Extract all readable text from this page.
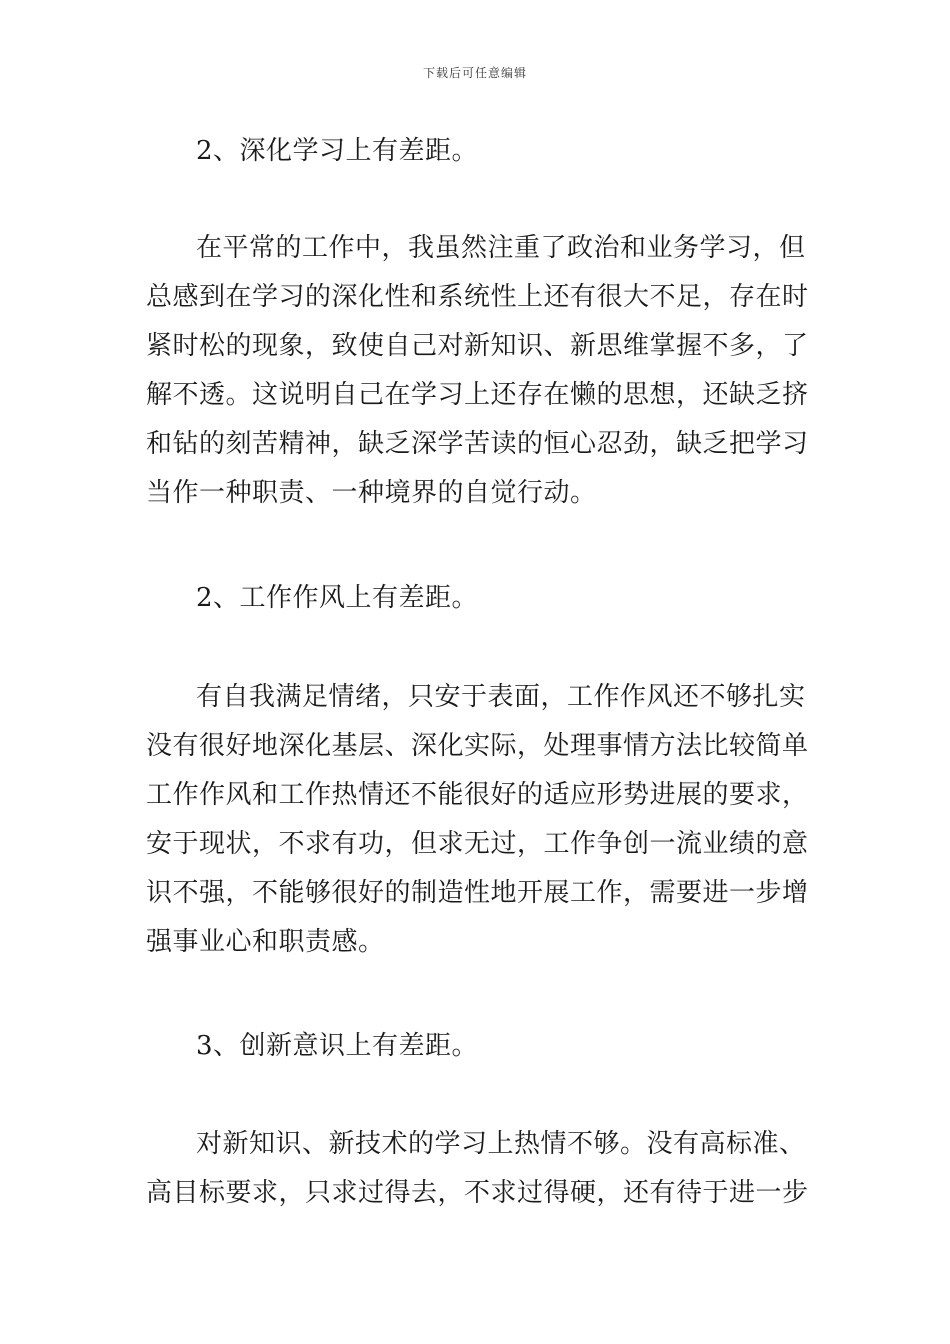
下载后可任意编辑
2、深化学习上有差距。
在平常的工作中，我虽然注重了政治和业务学习，但
总感到在学习的深化性和系统性上还有很大不足，存在时
紧时松的现象，致使自己对新知识、新思维掌握不多，了
解不透。这说明自己在学习上还存在懒的思想，还缺乏挤
和钻的刻苦精神，缺乏深学苦读的恒心忍劲，缺乏把学习
当作一种职责、一种境界的自觉行动。
2、工作作风上有差距。
有自我满足情绪，只安于表面，工作作风还不够扎实
没有很好地深化基层、深化实际，处理事情方法比较简单
工作作风和工作热情还不能很好的适应形势进展的要求，
安于现状，不求有功，但求无过，工作争创一流业绩的意
识不强，不能够很好的制造性地开展工作，需要进一步增
强事业心和职责感。
3、创新意识上有差距。
对新知识、新技术的学习上热情不够。没有高标准、
高目标要求，只求过得去，不求过得硬，还有待于进一步
